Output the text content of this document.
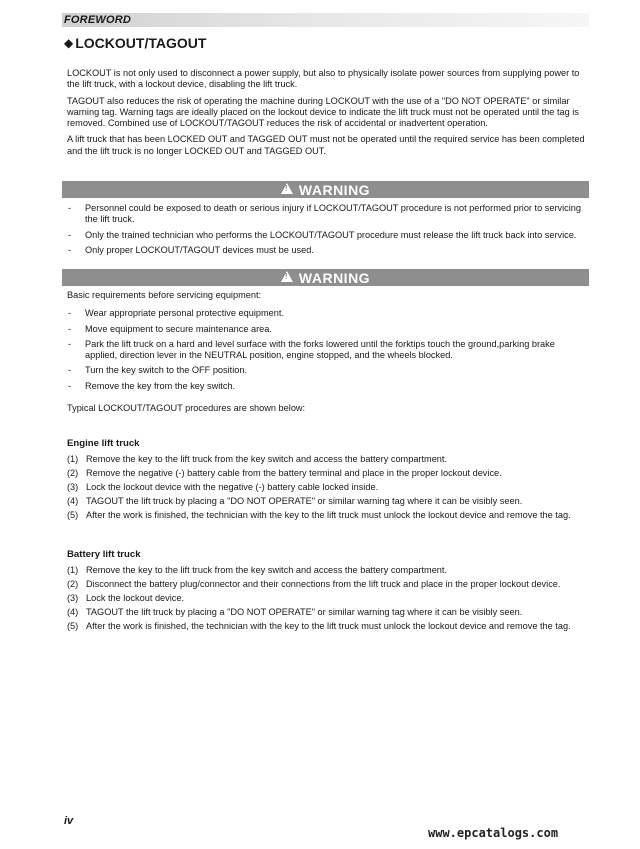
FOREWORD
◆ LOCKOUT/TAGOUT

LOCKOUT is not only used to disconnect a power supply, but also to physically isolate power sources from supplying power to the lift truck, with a lockout device, disabling the lift truck.

TAGOUT also reduces the risk of operating the machine during LOCKOUT with the use of a "DO NOT OPERATE" or similar warning tag. Warning tags are ideally placed on the lockout device to indicate the lift truck must not be operated until the tag is removed. Combined use of LOCKOUT/TAGOUT reduces the risk of accidental or inadvertent operation.

A lift truck that has been LOCKED OUT and TAGGED OUT must not be operated until the required service has been completed and the lift truck is no longer LOCKED OUT and TAGGED OUT.

!
WARNING
- Personnel could be exposed to death or serious injury if LOCKOUT/TAGOUT procedure is not performed prior to servicing the lift truck.
- Only the trained technician who performs the LOCKOUT/TAGOUT procedure must release the lift truck back into service.
- Only proper LOCKOUT/TAGOUT devices must be used.
!
WARNING

Basic requirements before servicing equipment:

- Wear appropriate personal protective equipment.
- Move equipment to secure maintenance area.
- Park the lift truck on a hard and level surface with the forks lowered until the forktips touch the ground,parking brake applied, direction lever in the NEUTRAL position, engine stopped, and the wheels blocked.
- Turn the key switch to the OFF position.
- Remove the key from the key switch.

Typical LOCKOUT/TAGOUT procedures are shown below:

Engine lift truck

(1) Remove the key to the lift truck from the key switch and access the battery compartment.
(2) Remove the negative (-) battery cable from the battery terminal and place in the proper lockout device.
(3) Lock the lockout device with the negative (-) battery cable locked inside.
(4) TAGOUT the lift truck by placing a "DO NOT OPERATE" or similar warning tag where it can be visibly seen.
(5) After the work is finished, the technician with the key to the lift truck must unlock the lockout device and remove the tag.

Battery lift truck

(1) Remove the key to the lift truck from the key switch and access the battery compartment.
(2) Disconnect the battery plug/connector and their connections from the lift truck and place in the proper lockout device.
(3) Lock the lockout device.
(4) TAGOUT the lift truck by placing a "DO NOT OPERATE" or similar warning tag where it can be visibly seen.
(5) After the work is finished, the technician with the key to the lift truck must unlock the lockout device and remove the tag.
iv
www.epcatalogs.com
